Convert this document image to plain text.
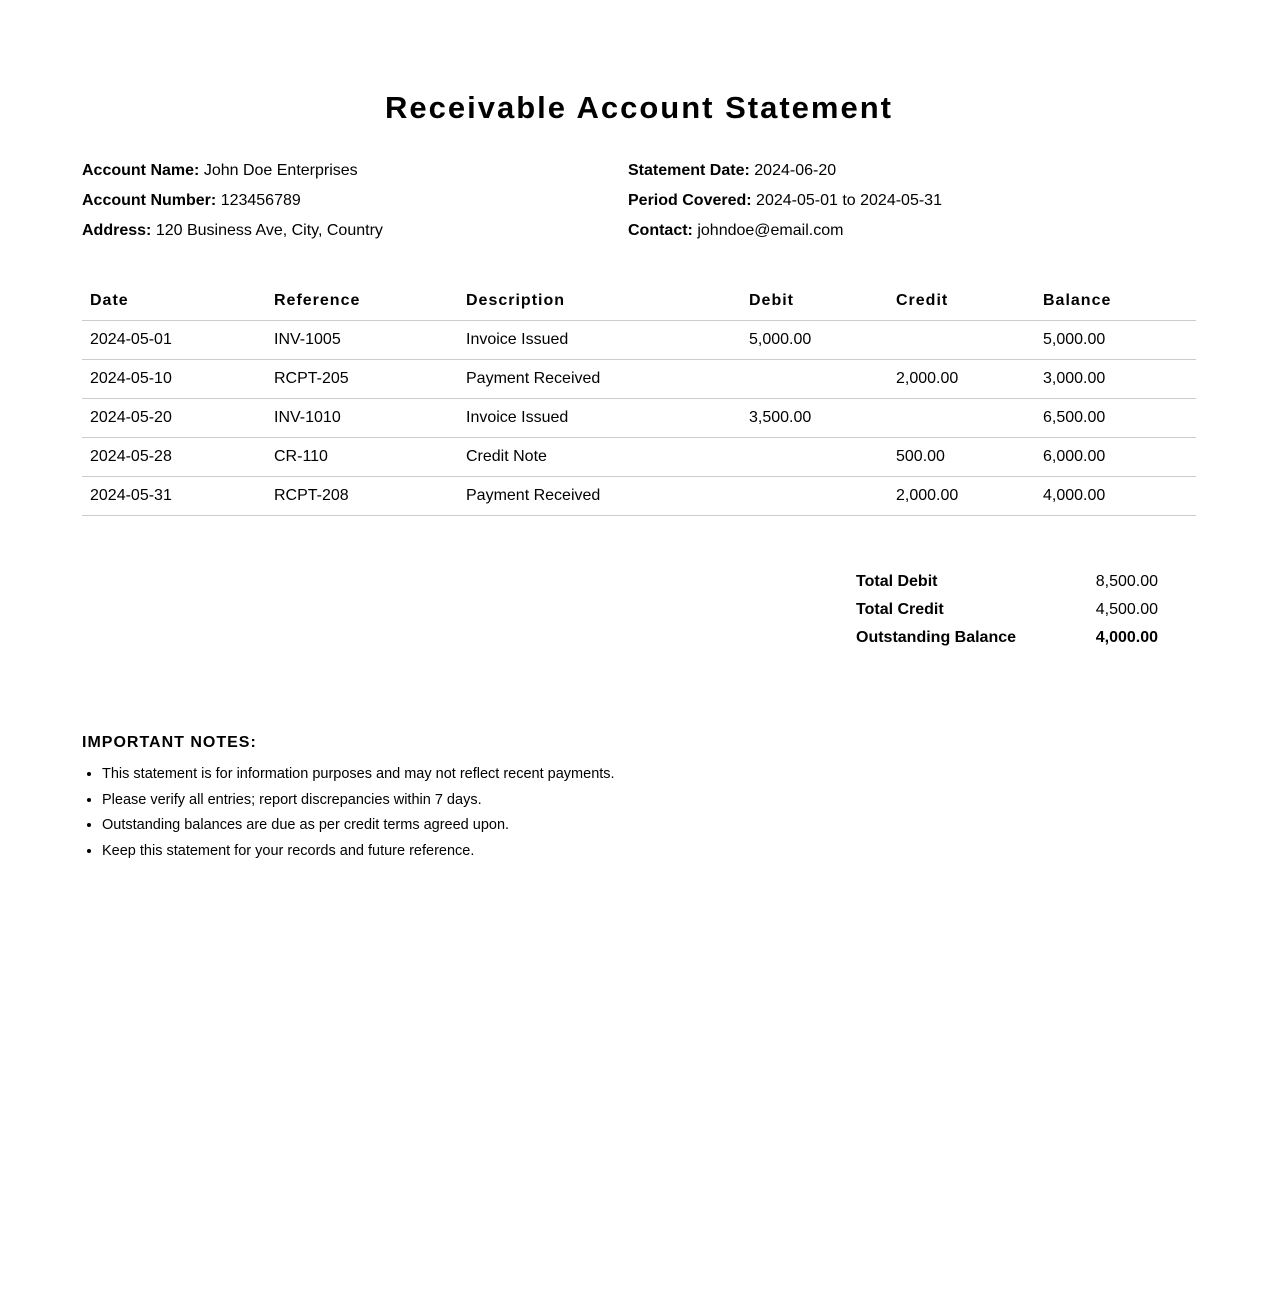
Receivable Account Statement
Account Name: John Doe Enterprises
Account Number: 123456789
Address: 120 Business Ave, City, Country
Statement Date: 2024-06-20
Period Covered: 2024-05-01 to 2024-05-31
Contact: johndoe@email.com
Date	Reference	Description	Debit	Credit	Balance
2024-05-01	INV-1005	Invoice Issued	5,000.00		5,000.00
2024-05-10	RCPT-205	Payment Received		2,000.00	3,000.00
2024-05-20	INV-1010	Invoice Issued	3,500.00		6,500.00
2024-05-28	CR-110	Credit Note		500.00	6,000.00
2024-05-31	RCPT-208	Payment Received		2,000.00	4,000.00
Total Debit	8,500.00
Total Credit	4,500.00
Outstanding Balance	4,000.00
IMPORTANT NOTES:
• This statement is for information purposes and may not reflect recent payments.
• Please verify all entries; report discrepancies within 7 days.
• Outstanding balances are due as per credit terms agreed upon.
• Keep this statement for your records and future reference.
